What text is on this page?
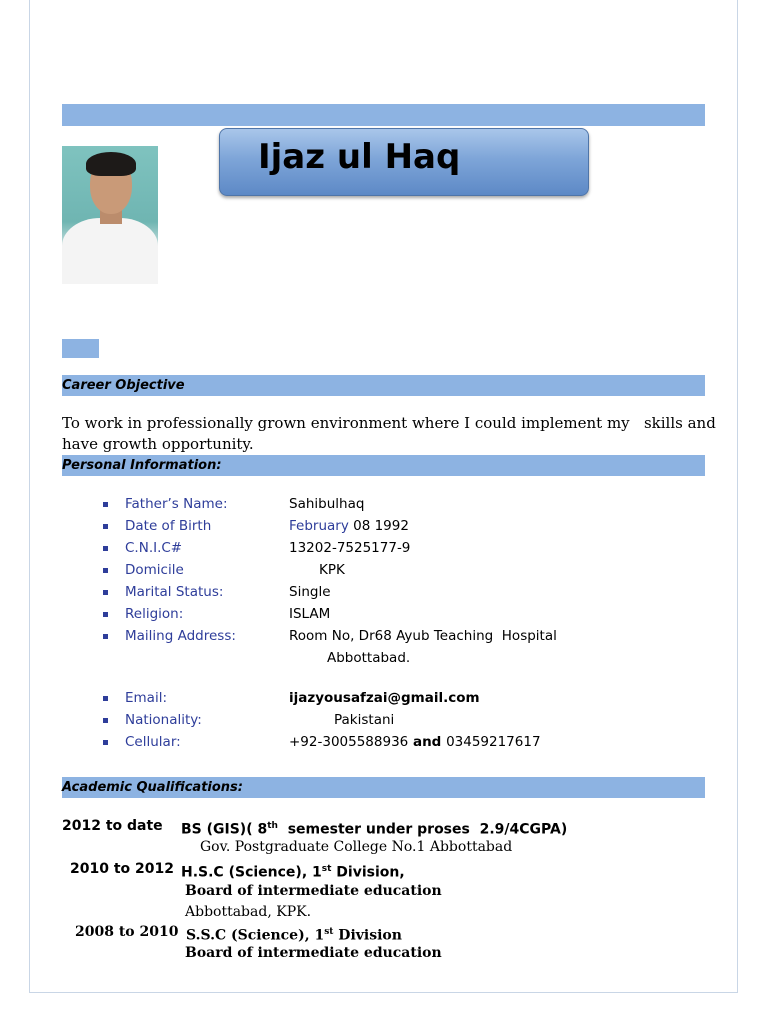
Ijaz ul Haq
Career Objective
To work in professionally grown environment where I could implement my   skills and
have growth opportunity.
Personal Information:
Father’s Name:	Sahibulhaq
Date of Birth	February 08 1992
C.N.I.C#	13202-7525177-9
Domicile	KPK
Marital Status:	Single
Religion:	ISLAM
Mailing Address:	Room No, Dr68 Ayub Teaching  Hospital
Abbottabad.
Email:	ijazyousafzai@gmail.com
Nationality:	Pakistani
Cellular:	+92-3005588936 and 03459217617
Academic Qualifications:
2012 to date BS (GIS)( 8th  semester under proses  2.9/4CGPA)
Gov. Postgraduate College No.1 Abbottabad
2010 to 2012 H.S.C (Science), 1st Division,
Board of intermediate education
Abbottabad, KPK.
2008 to 2010 S.S.C (Science), 1st Division
Board of intermediate education
